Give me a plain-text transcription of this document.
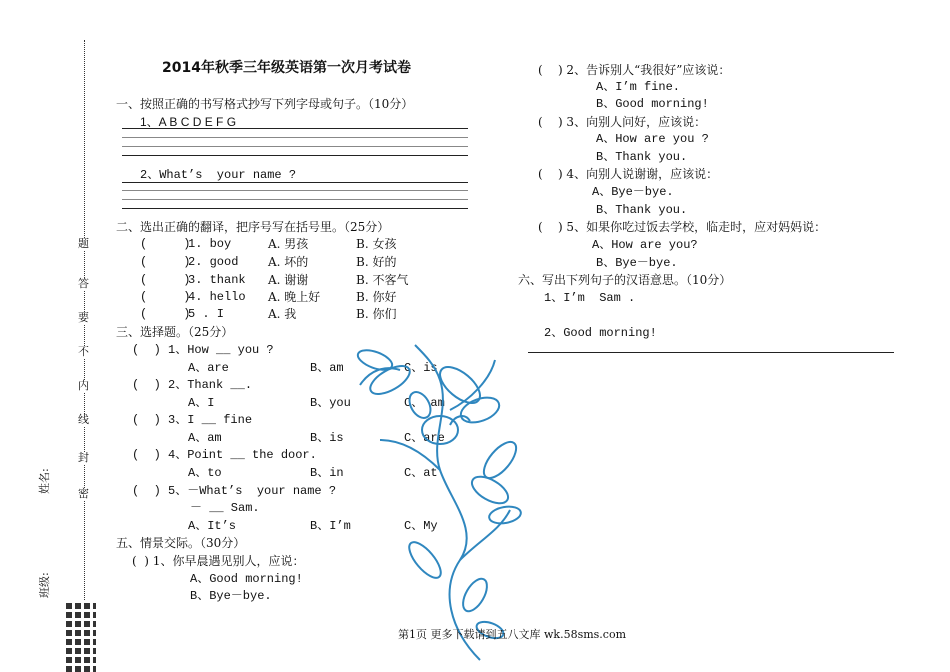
题
答
要
不
内
线
封
密
姓名:
班级:
2014年秋季三年级英语第一次月考试卷
一、按照正确的书写格式抄写下列字母或句子。（10分）
1、A B C D E F G
2、What’s  your name ?
二、选出正确的翻译，把序号写在括号里。（25分）
(     )
1. boy	A. 男孩	B. 女孩
(     )
2. good A. 坏的	B. 好的
(     )
3. thank A. 谢谢	B. 不客气
(     )
4. hello A. 晚上好	B. 你好
(     )
5 . I	A. 我	B. 你们
三、选择题。（25分）
(  ) 1、How __ you ?
A、are	B、am	C、is
(  ) 2、Thank __.
A、I	B、you	C、 am
(  ) 3、I __ fine
A、am	B、is	C、are
(  ) 4、Point __ the door.
A、to	B、in	C、at
(  ) 5、－What’s  your name ?
－ __ Sam.
A、It’s	B、I’m	C、My
五、情景交际。（30分）
(  ) 1、你早晨遇见别人，应说：
A、Good morning!
B、Bye－bye.
(    ) 2、告诉别人“我很好”应该说：
A、I’m fine.
B、Good morning!
(    ) 3、向别人问好，应该说：
A、How are you ?
B、Thank you.
(    ) 4、向别人说谢谢，应该说：
A、Bye－bye.
B、Thank you.
(    ) 5、如果你吃过饭去学校，临走时，应对妈妈说：
A、How are you?
B、Bye－bye.
六、写出下列句子的汉语意思。（10分）
1、I’m  Sam .
2、Good morning!
第1页 更多下载请到五八文库 wk.58sms.com
